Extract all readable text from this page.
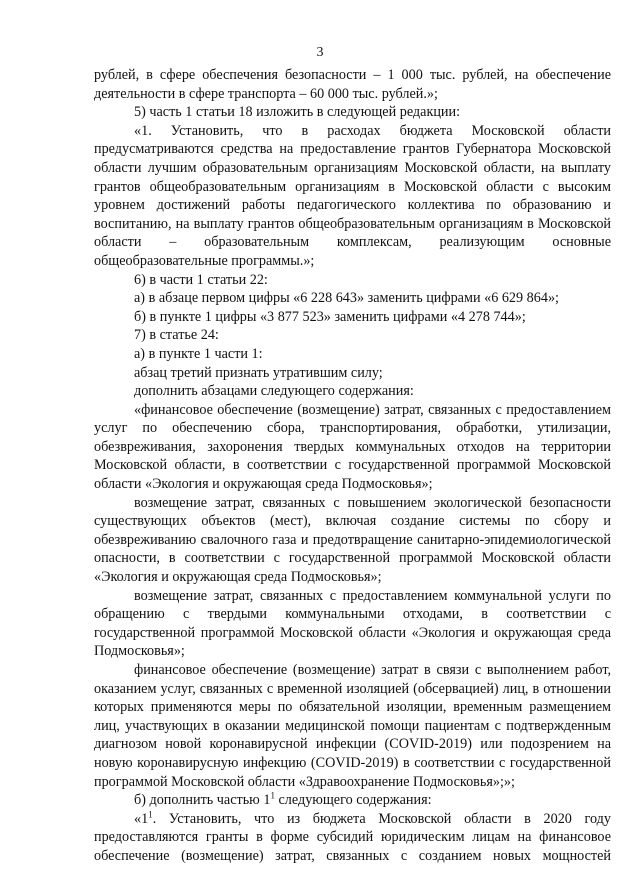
3

рублей, в сфере обеспечения безопасности – 1 000 тыс. рублей, на обеспечение деятельности в сфере транспорта – 60 000 тыс. рублей.»;

5) часть 1 статьи 18 изложить в следующей редакции:

«1. Установить, что в расходах бюджета Московской области предусматриваются средства на предоставление грантов Губернатора Московской области лучшим образовательным организациям Московской области, на выплату грантов общеобразовательным организациям в Московской области с высоким уровнем достижений работы педагогического коллектива по образованию и воспитанию, на выплату грантов общеобразовательным организациям в Московской области – образовательным комплексам, реализующим основные общеобразовательные программы.»;

6) в части 1 статьи 22:

а) в абзаце первом цифры «6 228 643» заменить цифрами «6 629 864»;

б) в пункте 1 цифры «3 877 523» заменить цифрами «4 278 744»;

7) в статье 24:

а) в пункте 1 части 1:

абзац третий признать утратившим силу;

дополнить абзацами следующего содержания:

«финансовое обеспечение (возмещение) затрат, связанных с предоставлением услуг по обеспечению сбора, транспортирования, обработки, утилизации, обезвреживания, захоронения твердых коммунальных отходов на территории Московской области, в соответствии с государственной программой Московской области «Экология и окружающая среда Подмосковья»;

возмещение затрат, связанных с повышением экологической безопасности существующих объектов (мест), включая создание системы по сбору и обезвреживанию свалочного газа и предотвращение санитарно-эпидемиологической опасности, в соответствии с государственной программой Московской области «Экология и окружающая среда Подмосковья»;

возмещение затрат, связанных с предоставлением коммунальной услуги по обращению с твердыми коммунальными отходами, в соответствии с государственной программой Московской области «Экология и окружающая среда Подмосковья»;

финансовое обеспечение (возмещение) затрат в связи с выполнением работ, оказанием услуг, связанных с временной изоляцией (обсервацией) лиц, в отношении которых применяются меры по обязательной изоляции, временным размещением лиц, участвующих в оказании медицинской помощи пациентам с подтвержденным диагнозом новой коронавирусной инфекции (COVID-2019) или подозрением на новую коронавирусную инфекцию (COVID-2019) в соответствии с государственной программой Московской области «Здравоохранение Подмосковья»;»;

б) дополнить частью $1^1$ следующего содержания:

«$1^1$. Установить, что из бюджета Московской области в 2020 году предоставляются гранты в форме субсидий юридическим лицам на финансовое обеспечение (возмещение) затрат, связанных с созданием новых мощностей
